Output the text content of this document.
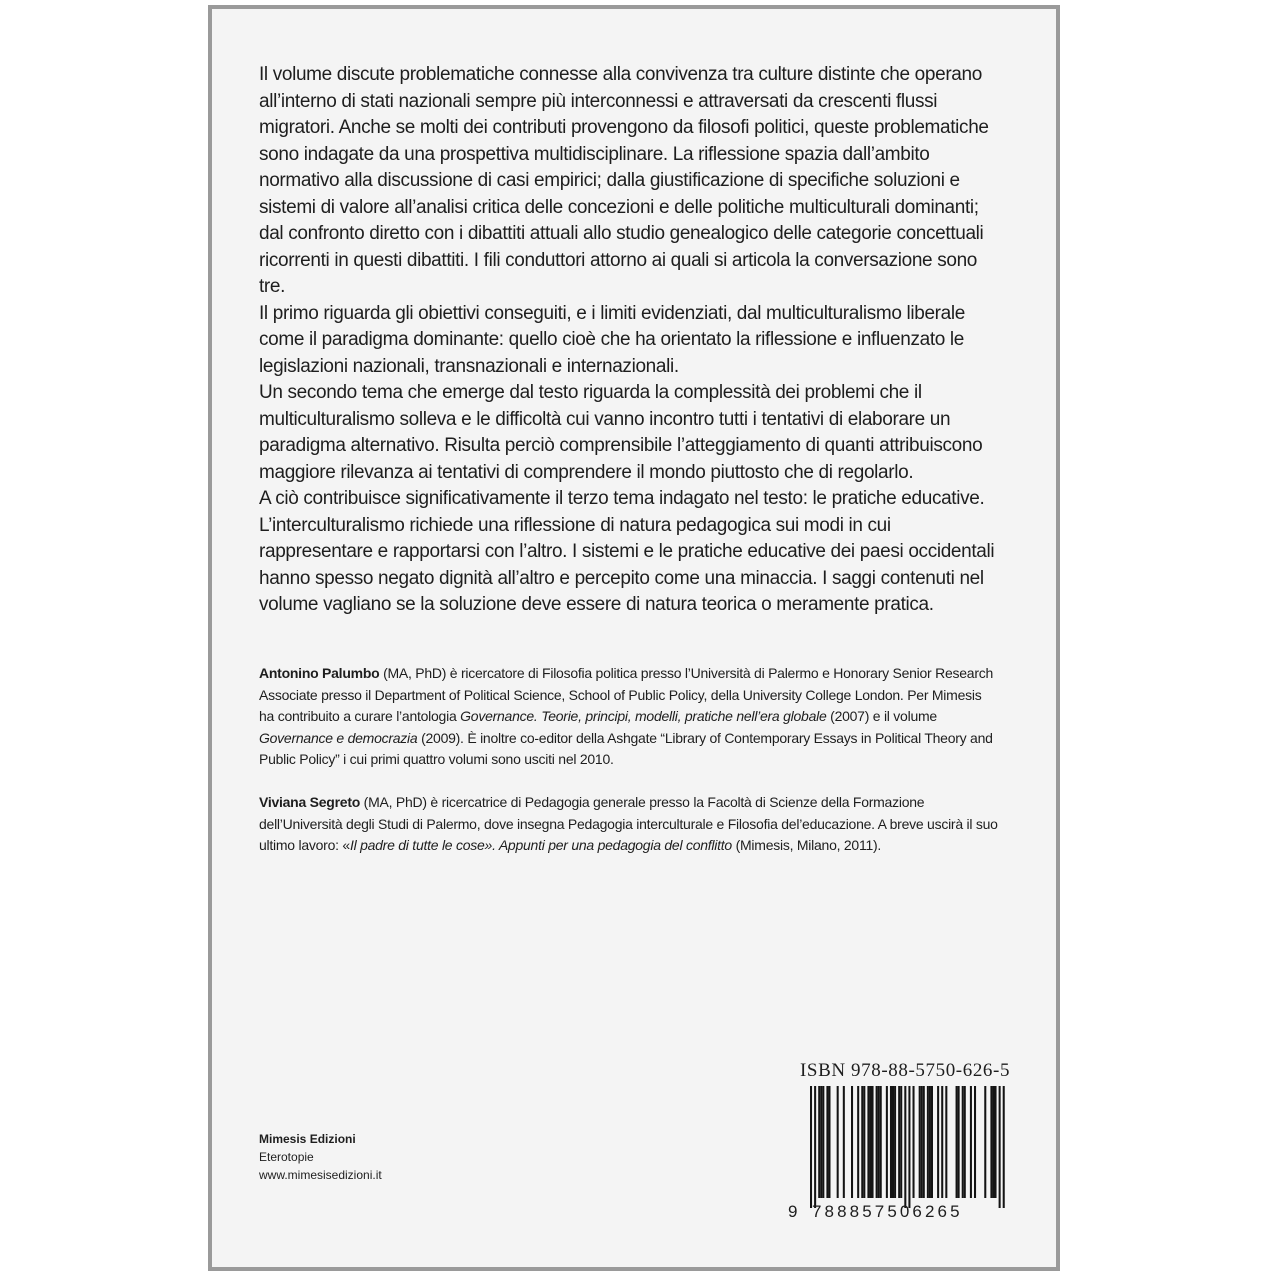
Il volume discute problematiche connesse alla convivenza tra culture distinte che operano all’interno di stati nazionali sempre più interconnessi e attraversati da crescenti flussi migratori. Anche se molti dei contributi provengono da filosofi politici, queste problematiche sono indagate da una prospettiva multidisciplinare. La riflessione spazia dall’ambito normativo alla discussione di casi empirici; dalla giustificazione di specifiche soluzioni e sistemi di valore all’analisi critica delle concezioni e delle politiche multiculturali dominanti; dal confronto diretto con i dibattiti attuali allo studio genealogico delle categorie concettuali ricorrenti in questi dibattiti. I fili conduttori attorno ai quali si articola la conversazione sono tre.

Il primo riguarda gli obiettivi conseguiti, e i limiti evidenziati, dal multiculturalismo liberale come il paradigma dominante: quello cioè che ha orientato la riflessione e influenzato le legislazioni nazionali, transnazionali e internazionali.

Un secondo tema che emerge dal testo riguarda la complessità dei problemi che il multiculturalismo solleva e le difficoltà cui vanno incontro tutti i tentativi di elaborare un paradigma alternativo. Risulta perciò comprensibile l’atteggiamento di quanti attribuiscono maggiore rilevanza ai tentativi di comprendere il mondo piuttosto che di regolarlo.

A ciò contribuisce significativamente il terzo tema indagato nel testo: le pratiche educative. L’interculturalismo richiede una riflessione di natura pedagogica sui modi in cui rappresentare e rapportarsi con l’altro. I sistemi e le pratiche educative dei paesi occidentali hanno spesso negato dignità all’altro e percepito come una minaccia. I saggi contenuti nel volume vagliano se la soluzione deve essere di natura teorica o meramente pratica.

Antonino Palumbo (MA, PhD) è ricercatore di Filosofia politica presso l’Università di Palermo e Honorary Senior Research Associate presso il Department of Political Science, School of Public Policy, della University College London. Per Mimesis ha contribuito a curare l’antologia Governance. Teorie, principi, modelli, pratiche nell’era globale (2007) e il volume Governance e democrazia (2009). È inoltre co-editor della Ashgate “Library of Contemporary Essays in Political Theory and Public Policy” i cui primi quattro volumi sono usciti nel 2010.
Viviana Segreto (MA, PhD) è ricercatrice di Pedagogia generale presso la Facoltà di Scienze della Formazione dell’Università degli Studi di Palermo, dove insegna Pedagogia interculturale e Filosofia del’educazione. A breve uscirà il suo ultimo lavoro: «Il padre di tutte le cose». Appunti per una pedagogia del conflitto (Mimesis, Milano, 2011).
Mimesis Edizioni
Eterotopie
www.mimesisedizioni.it
ISBN 978-88-5750-626-5
9 788857506265
